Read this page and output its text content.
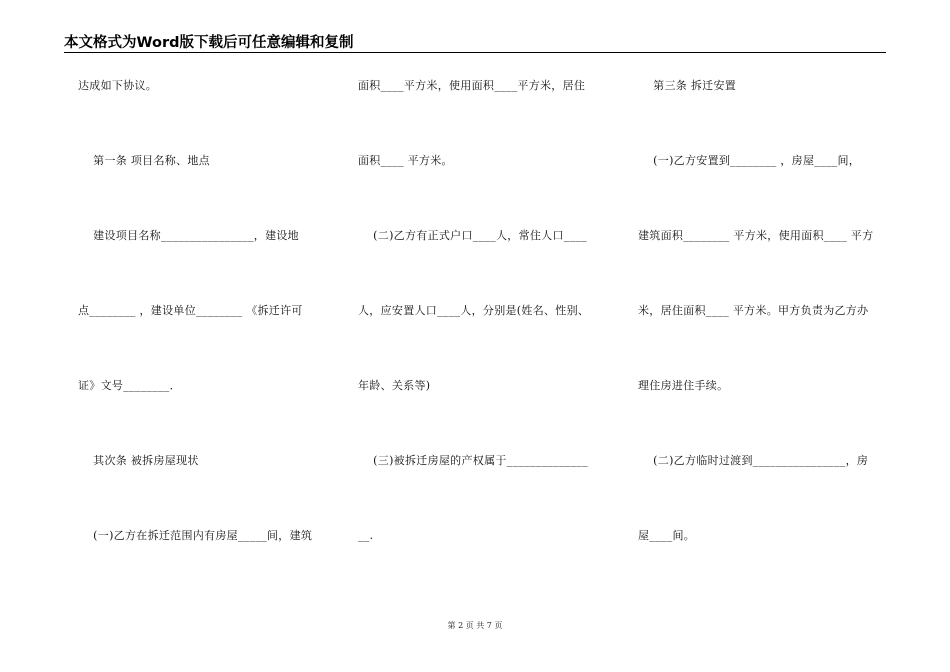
本文格式为Word版下载后可任意编辑和复制
达成如下协议。
第一条 项目名称、地点
建设项目名称________________，建设地
点________ ，建设单位________ 《拆迁许可
证》文号________．
其次条 被拆房屋现状
(一)乙方在拆迁范围内有房屋_____间，建筑
面积____平方米，使用面积____平方米，居住
面积____ 平方米。
(二)乙方有正式户口____人，常住人口____
人，应安置人口____人，分别是(姓名、性别、
年龄、关系等)
(三)被拆迁房屋的产权属于______________
__.
第三条 拆迁安置
(一)乙方安置到________ ，房屋____间，
建筑面积________ 平方米，使用面积____ 平方
米，居住面积____ 平方米。甲方负责为乙方办
理住房进住手续。
(二)乙方临时过渡到________________，房
屋____间。
第 2 页 共 7 页
